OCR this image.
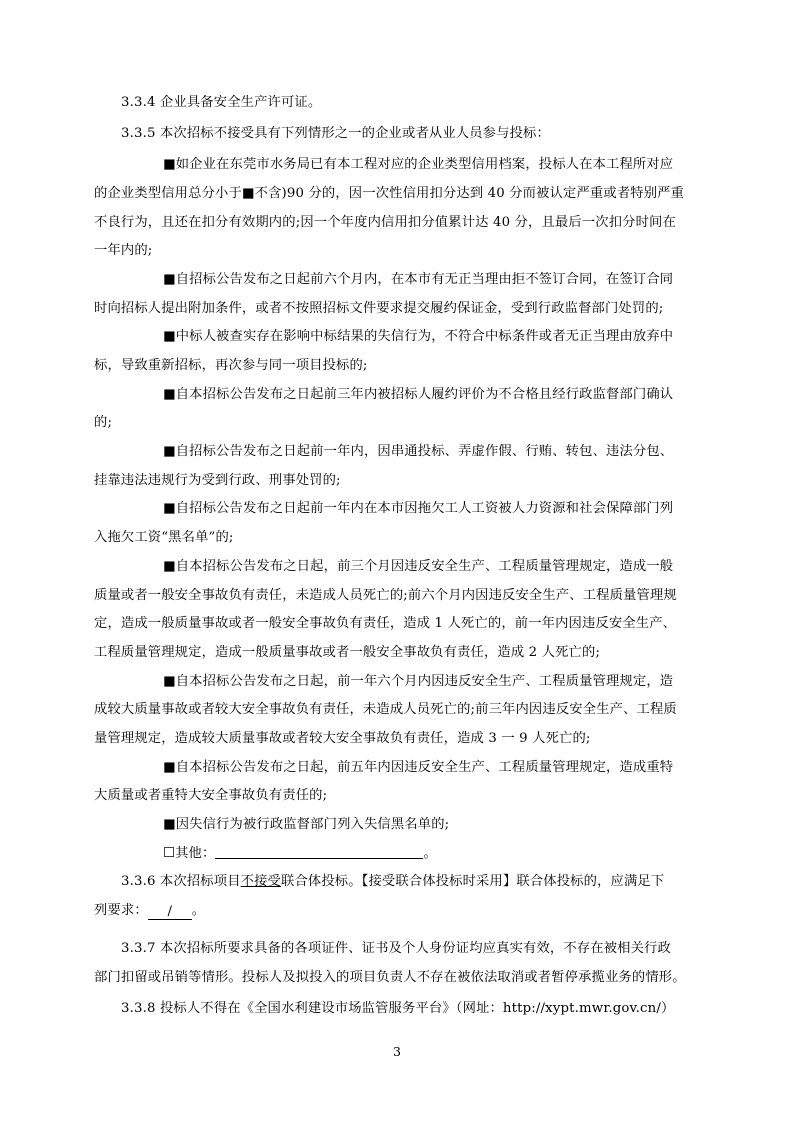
3.3.4 企业具备安全生产许可证。
3.3.5 本次招标不接受具有下列情形之一的企业或者从业人员参与投标：
■如企业在东莞市水务局已有本工程对应的企业类型信用档案，投标人在本工程所对应
的企业类型信用总分小于■不含)90 分的，因一次性信用扣分达到 40 分而被认定严重或者特别严重
不良行为，且还在扣分有效期内的;因一个年度内信用扣分值累计达 40 分，且最后一次扣分时间在
一年内的;
■自招标公告发布之日起前六个月内，在本市有无正当理由拒不签订合同，在签订合同
时向招标人提出附加条件，或者不按照招标文件要求提交履约保证金，受到行政监督部门处罚的;
■中标人被查实存在影响中标结果的失信行为，不符合中标条件或者无正当理由放弃中
标，导致重新招标，再次参与同一项目投标的;
■自本招标公告发布之日起前三年内被招标人履约评价为不合格且经行政监督部门确认
的;
■自招标公告发布之日起前一年内，因串通投标、弄虚作假、行贿、转包、违法分包、
挂靠违法违规行为受到行政、刑事处罚的;
■自招标公告发布之日起前一年内在本市因拖欠工人工资被人力资源和社会保障部门列
入拖欠工资“黑名单”的;
■自本招标公告发布之日起，前三个月因违反安全生产、工程质量管理规定，造成一般
质量或者一般安全事故负有责任，未造成人员死亡的;前六个月内因违反安全生产、工程质量管理规
定，造成一般质量事故或者一般安全事故负有责任，造成 1 人死亡的，前一年内因违反安全生产、
工程质量管理规定，造成一般质量事故或者一般安全事故负有责任，造成 2 人死亡的;
■自本招标公告发布之日起，前一年六个月内因违反安全生产、工程质量管理规定，造
成较大质量事故或者较大安全事故负有责任，未造成人员死亡的;前三年内因违反安全生产、工程质
量管理规定，造成较大质量事故或者较大安全事故负有责任，造成 3 一 9 人死亡的;
■自本招标公告发布之日起，前五年内因违反安全生产、工程质量管理规定，造成重特
大质量或者重特大安全事故负有责任的;
■因失信行为被行政监督部门列入失信黑名单的;
☐其他：	。
3.3.6 本次招标项目不接受联合体投标。【接受联合体投标时采用】联合体投标的，应满足下
列要求： / 。
3.3.7 本次招标所要求具备的各项证件、证书及个人身份证均应真实有效，不存在被相关行政
部门扣留或吊销等情形。投标人及拟投入的项目负责人不存在被依法取消或者暂停承揽业务的情形。
3.3.8 投标人不得在《全国水利建设市场监管服务平台》（网址：http://xypt.mwr.gov.cn/）
3
